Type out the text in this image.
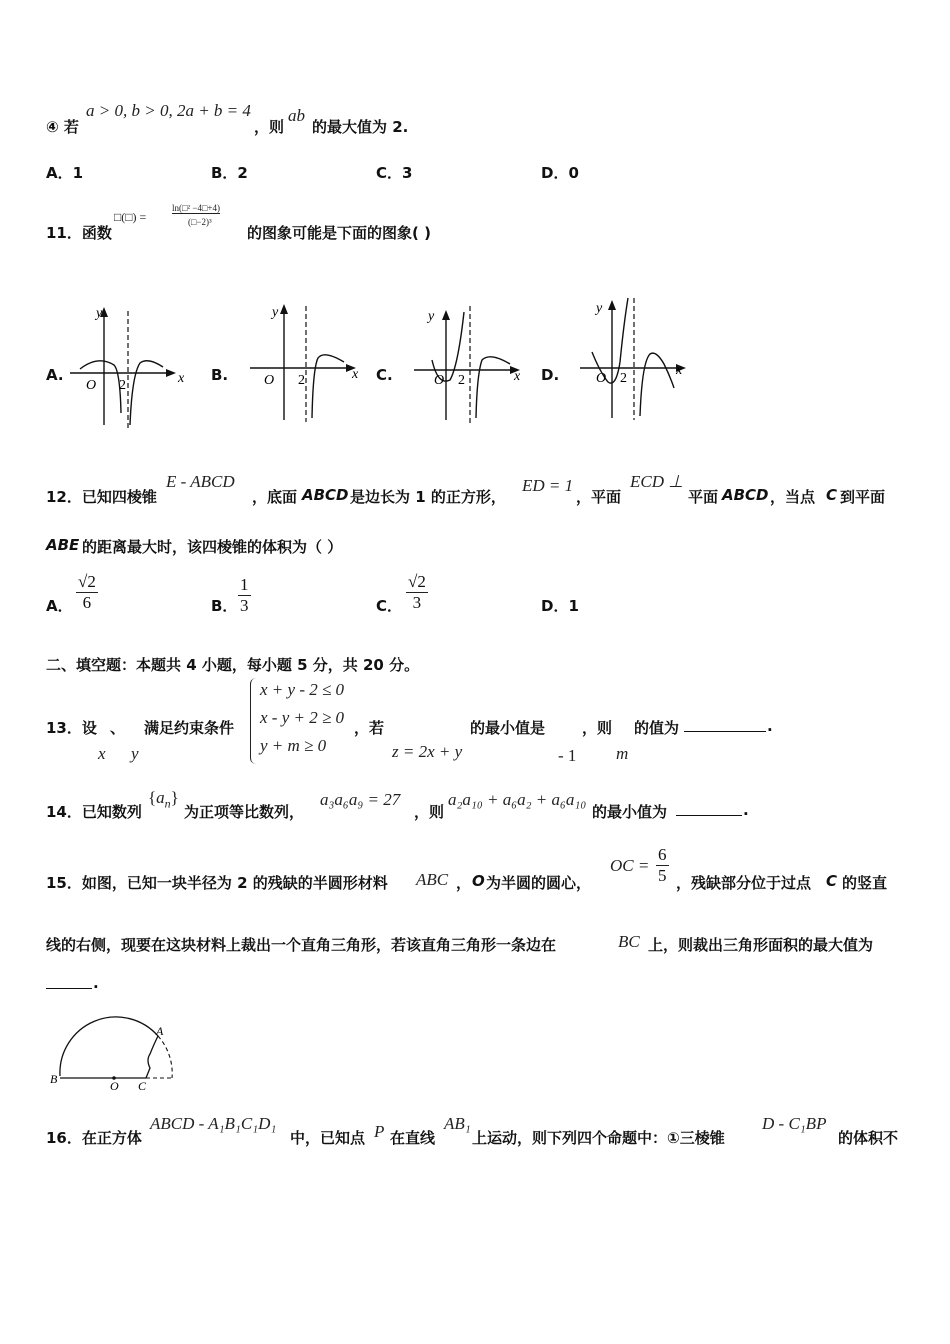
④ 若
a > 0, b > 0, 2a + b = 4
，则
ab
的最大值为 2.
A．1	B．2	C．3	D．0
11．函数
□(□) =
ln(□² −4□+4)
(□−2)³
的图象可能是下面的图象( )
A.
y
x
O 2
B.
y
x
O 2	C.
y
x
O 2	D.
y
x
O 2
12．已知四棱锥
E - ABCD
，底面 ABCD 是边长为 1 的正方形，
ED = 1
，平面
ECD ⊥
平面 ABCD ，当点 C 到平面
ABE 的距离最大时，该四棱锥的体积为（ ）
A． $\frac{√2}{6}$	B． $\frac{1}{3}$	C． $\frac{√2}{3}$	D．1
二、填空题：本题共 4 小题，每小题 5 分，共 20 分。
13．设 、 满足约束条件
x y
x + y - 2 ≤ 0
x - y + 2 ≥ 0
y + m ≥ 0
，若
z = 2x + y
的最小值是
- 1
，则
m
的值为	.
14．已知数列
$\{a_n\}$
为正项等比数列，
a₃a₆a₉ = 27
，则
a₂a₁₀ + a₆a₂ + a₆a₁₀
的最小值为	.
15．如图，已知一块半径为 2 的残缺的半圆形材料 ABC ， O 为半圆的圆心，
OC = $\frac{6}{5}$ ，残缺部分位于过点 C 的竖直
线的右侧，现要在这块材料上裁出一个直角三角形，若该直角三角形一条边在	BC 上，则裁出三角形面积的最大值为
.
B	O C
A
16．在正方体
ABCD - A₁B₁C₁D₁
中，已知点 P 在直线
AB₁
上运动，则下列四个命题中：①三棱锥
D - C₁BP
的体积不
